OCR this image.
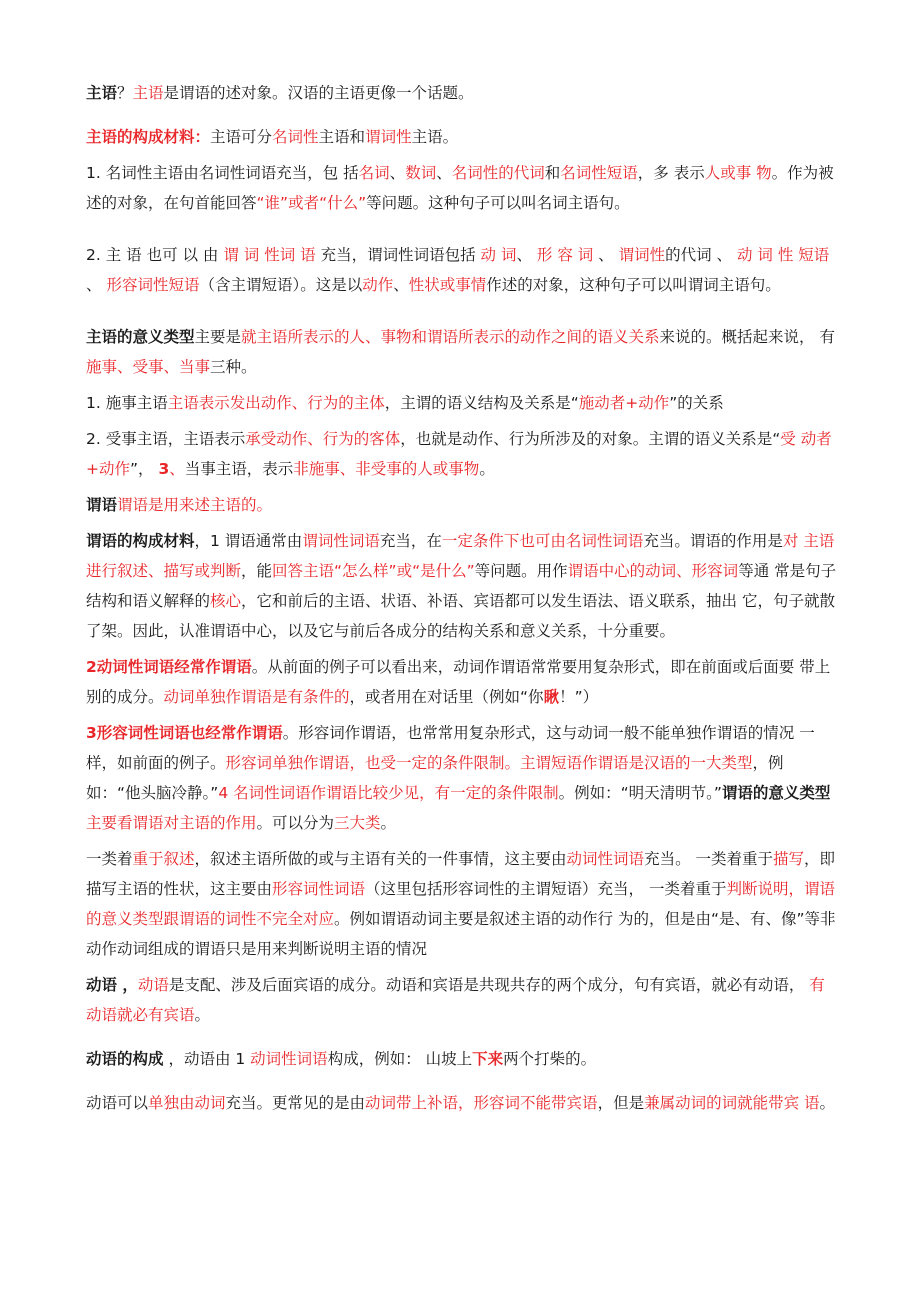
主语？主语是谓语的述对象。汉语的主语更像一个话题。

主语的构成材料：主语可分名词性主语和谓词性主语。

1. 名词性主语由名词性词语充当，包 括名词、数词、名词性的代词和名词性短语，多 表示人或事 物。作为被述的对象，在句首能回答“谁”或者“什么”等问题。这种句子可以叫名词主语句。

2. 主 语 也可 以 由 谓 词 性词 语 充当，谓词性词语包括 动 词、 形 容 词 、 谓词性的代词 、 动 词 性 短语 、 形容词性短语（含主谓短语）。这是以动作、性状或事情作述的对象，这种句子可以叫谓词主语句。

主语的意义类型主要是就主语所表示的人、事物和谓语所表示的动作之间的语义关系来说的。概括起来说， 有施事、受事、当事三种。

1. 施事主语主语表示发出动作、行为的主体，主谓的语义结构及关系是“施动者+动作”的关系

2. 受事主语，主语表示承受动作、行为的客体，也就是动作、行为所涉及的对象。主谓的语义关系是“受 动者+动作”， 3、当事主语，表示非施事、非受事的人或事物。

谓语谓语是用来述主语的。

谓语的构成材料，1 谓语通常由谓词性词语充当，在一定条件下也可由名词性词语充当。谓语的作用是对 主语进行叙述、描写或判断，能回答主语“怎么样”或“是什么”等问题。用作谓语中心的动词、形容词等通 常是句子结构和语义解释的核心，它和前后的主语、状语、补语、宾语都可以发生语法、语义联系，抽出 它，句子就散了架。因此，认准谓语中心，以及它与前后各成分的结构关系和意义关系，十分重要。

2动词性词语经常作谓语。从前面的例子可以看出来，动词作谓语常常要用复杂形式，即在前面或后面要 带上别的成分。动词单独作谓语是有条件的，或者用在对话里（例如“你瞅！”）

3形容词性词语也经常作谓语。形容词作谓语，也常常用复杂形式，这与动词一般不能单独作谓语的情况 一样，如前面的例子。形容词单独作谓语，也受一定的条件限制。主谓短语作谓语是汉语的一大类型，例 如：“他头脑冷静。”4 名词性词语作谓语比较少见，有一定的条件限制。例如：“明天清明节。”谓语的意义类型主要看谓语对主语的作用。可以分为三大类。

一类着重于叙述，叙述主语所做的或与主语有关的一件事情，这主要由动词性词语充当。 一类着重于描写，即描写主语的性状，这主要由形容词性词语（这里包括形容词性的主谓短语）充当， 一类着重于判断说明，谓语的意义类型跟谓语的词性不完全对应。例如谓语动词主要是叙述主语的动作行 为的，但是由“是、有、像”等非动作动词组成的谓语只是用来判断说明主语的情况

动语 ，动语是支配、涉及后面宾语的成分。动语和宾语是共现共存的两个成分，句有宾语，就必有动语， 有动语就必有宾语。

动语的构成 ，动语由 1 动词性词语构成，例如： 山坡上下来两个打柴的。

动语可以单独由动词充当。更常见的是由动词带上补语，形容词不能带宾语，但是兼属动词的词就能带宾 语。
